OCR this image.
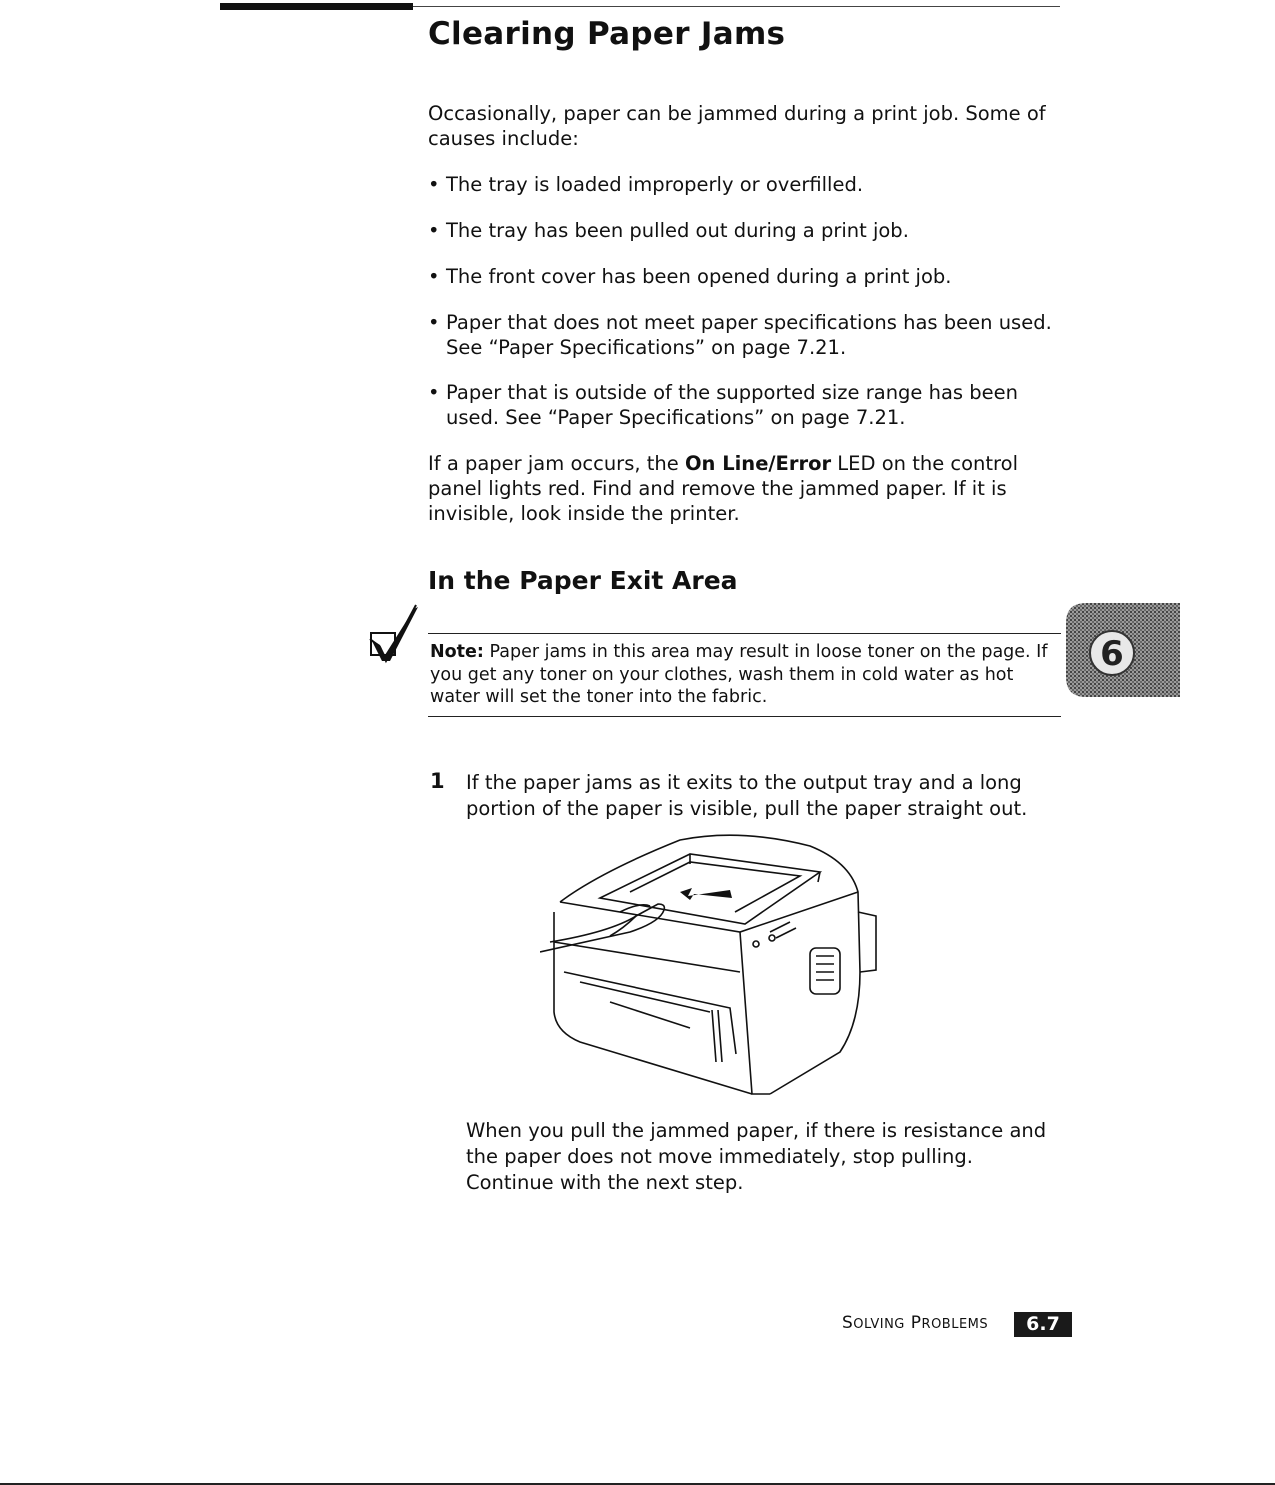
Clearing Paper Jams

Occasionally, paper can be jammed during a print job. Some of causes include:

• The tray is loaded improperly or overfilled.
• The tray has been pulled out during a print job.
• The front cover has been opened during a print job.
• Paper that does not meet paper specifications has been used. See “Paper Specifications” on page 7.21.
• Paper that is outside of the supported size range has been used. See “Paper Specifications” on page 7.21.

If a paper jam occurs, the On Line/Error LED on the control panel lights red. Find and remove the jammed paper. If it is invisible, look inside the printer.

In the Paper Exit Area
Note: Paper jams in this area may result in loose toner on the page. If you get any toner on your clothes, wash them in cold water as hot water will set the toner into the fabric.
6
1 If the paper jams as it exits to the output tray and a long portion of the paper is visible, pull the paper straight out.
When you pull the jammed paper, if there is resistance and the paper does not move immediately, stop pulling. Continue with the next step.
SOLVING PROBLEMS	6.7
